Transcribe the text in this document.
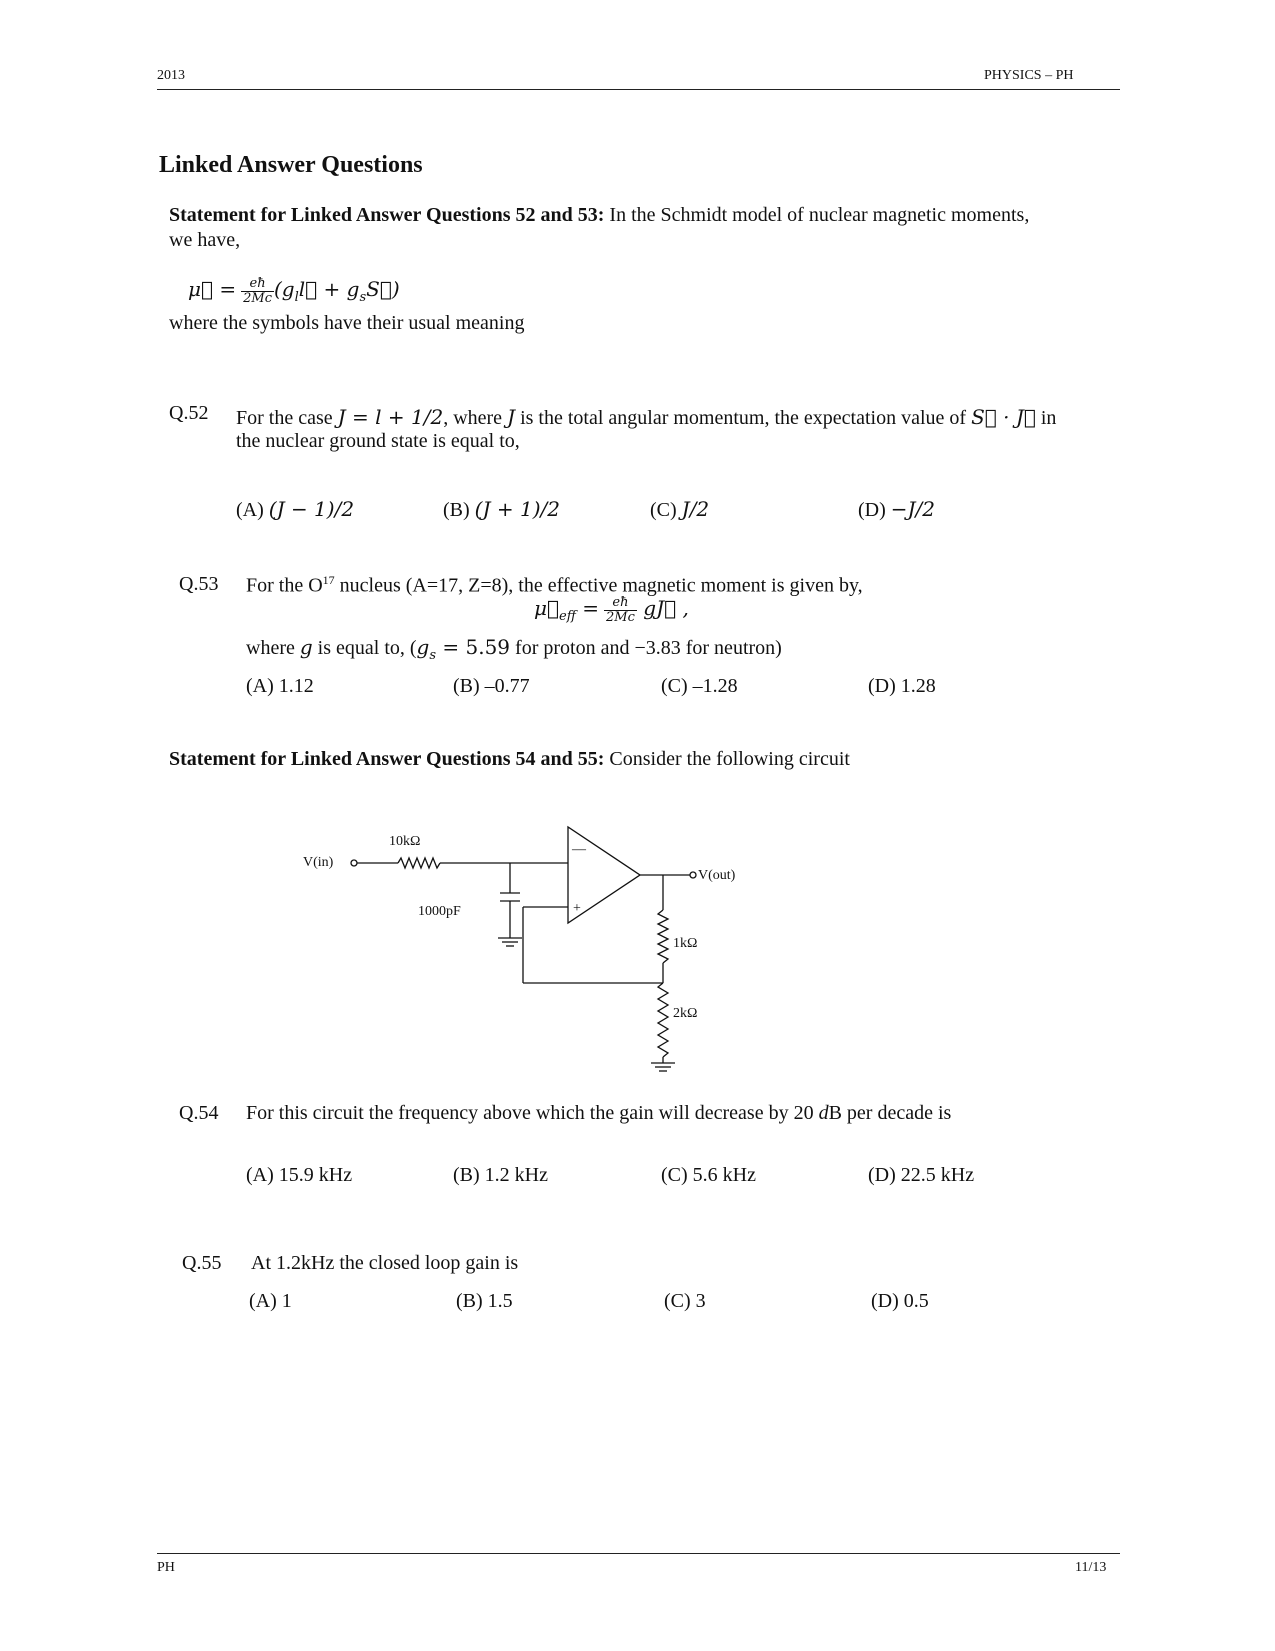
2013	PHYSICS – PH
Linked Answer Questions
Statement for Linked Answer Questions 52 and 53: In the Schmidt model of nuclear magnetic moments,
we have,
μ⃗ = $\frac{eħ}{2Mc}$ ($g_ll⃗$ + $g_sS⃗$)
where the symbols have their usual meaning
Q.52 For the case J = l + 1/2, where J is the total angular momentum, the expectation value of S⃗ · J⃗ in
the nuclear ground state is equal to,
(A) (J − 1)/2	(B) (J + 1)/2	(C) J/2	(D) −J/2
Q.53 For the $O^{17}$ nucleus (A=17, Z=8), the effective magnetic moment is given by,
$\mu⃗_{eff} = \frac{eħ}{2Mc}$ gJ⃗ ,
where g is equal to, ($g_s = 5.59$ for proton and −3.83 for neutron)
(A) 1.12	(B) –0.77	(C) –1.28	(D) 1.28
Statement for Linked Answer Questions 54 and 55: Consider the following circuit
V(in)
10kΩ
1000pF
V(out)
1kΩ
2kΩ
—
+
Q.54 For this circuit the frequency above which the gain will decrease by 20 dB per decade is
(A) 15.9 kHz	(B) 1.2 kHz	(C) 5.6 kHz	(D) 22.5 kHz
Q.55 At 1.2kHz the closed loop gain is
(A) 1	(B) 1.5	(C) 3	(D) 0.5
PH	11/13
